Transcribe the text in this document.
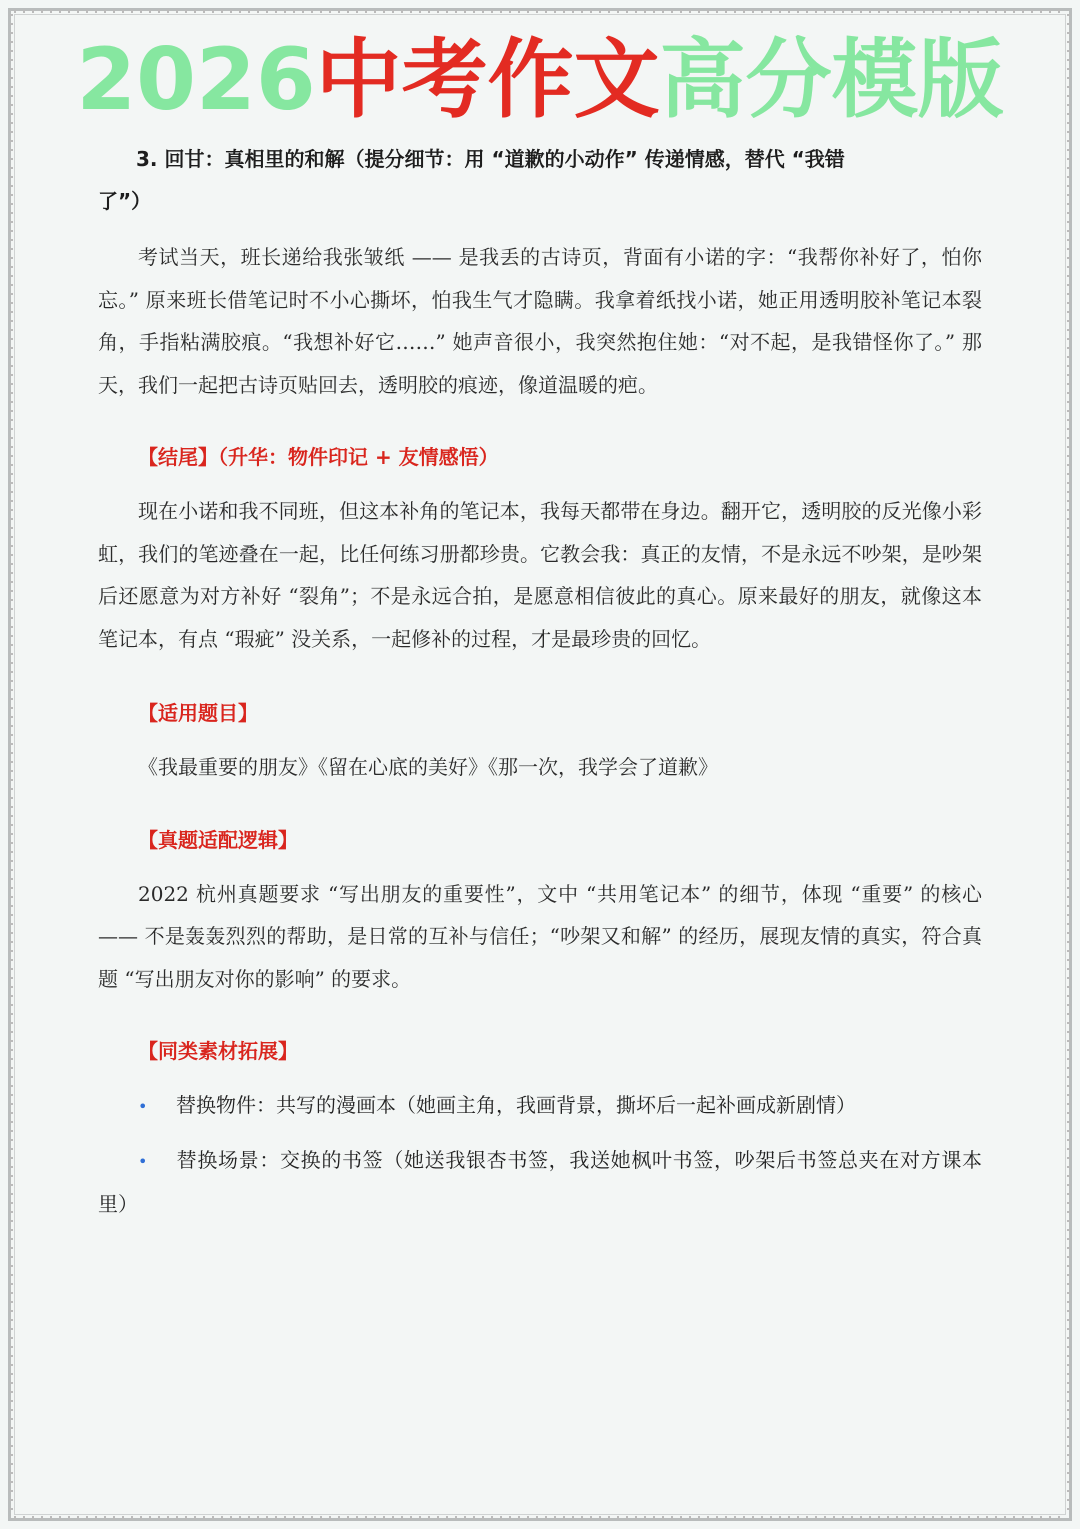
2026中考作文高分模版
3. 回甘：真相里的和解（提分细节：用 “道歉的小动作” 传递情感，替代 “我错
了”）

考试当天，班长递给我张皱纸 —— 是我丢的古诗页，背面有小诺的字：“我帮你补好了，怕你忘。” 原来班长借笔记时不小心撕坏，怕我生气才隐瞒。我拿着纸找小诺，她正用透明胶补笔记本裂角，手指粘满胶痕。“我想补好它……” 她声音很小，我突然抱住她：“对不起，是我错怪你了。” 那天，我们一起把古诗页贴回去，透明胶的痕迹，像道温暖的疤。

【结尾】（升华：物件印记 + 友情感悟）

现在小诺和我不同班，但这本补角的笔记本，我每天都带在身边。翻开它，透明胶的反光像小彩虹，我们的笔迹叠在一起，比任何练习册都珍贵。它教会我：真正的友情，不是永远不吵架，是吵架后还愿意为对方补好 “裂角”；不是永远合拍，是愿意相信彼此的真心。原来最好的朋友，就像这本笔记本，有点 “瑕疵” 没关系，一起修补的过程，才是最珍贵的回忆。

【适用题目】

《我最重要的朋友》《留在心底的美好》《那一次，我学会了道歉》

【真题适配逻辑】

2022 杭州真题要求 “写出朋友的重要性”，文中 “共用笔记本” 的细节，体现 “重要” 的核心 —— 不是轰轰烈烈的帮助，是日常的互补与信任；“吵架又和解” 的经历，展现友情的真实，符合真题 “写出朋友对你的影响” 的要求。

【同类素材拓展】

• 替换物件：共写的漫画本（她画主角，我画背景，撕坏后一起补画成新剧情）
• 替换场景：交换的书签（她送我银杏书签，我送她枫叶书签，吵架后书签总夹在对方课本里）
